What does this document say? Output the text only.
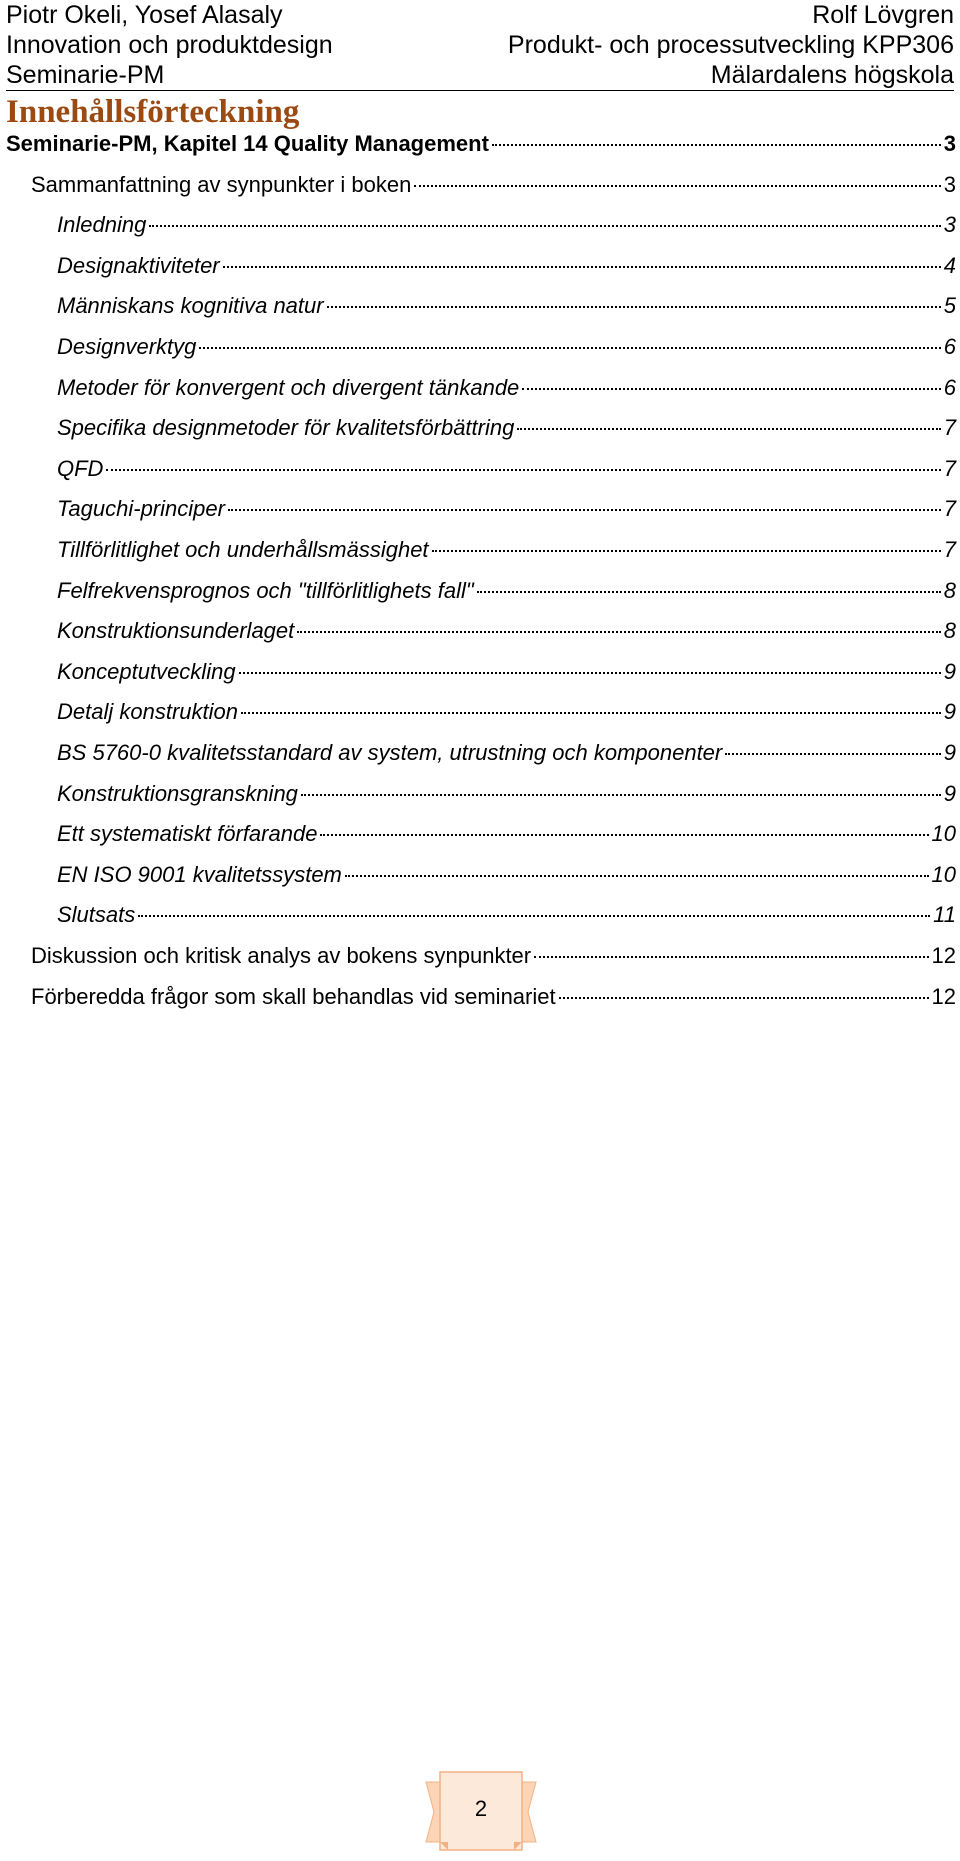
Piotr Okeli, Yosef Alasaly	Rolf Lövgren
Innovation och produktdesign	Produkt- och processutveckling KPP306
Seminarie-PM	Mälardalens högskola
Innehållsförteckning
Seminarie-PM, Kapitel 14 Quality Management	3
Sammanfattning av synpunkter i boken	3
Inledning	3
Designaktiviteter	4
Människans kognitiva natur	5
Designverktyg	6
Metoder för konvergent och divergent tänkande	6
Specifika designmetoder för kvalitetsförbättring	7
QFD	7
Taguchi-principer	7
Tillförlitlighet och underhållsmässighet	7
Felfrekvensprognos och "tillförlitlighets fall"	8
Konstruktionsunderlaget	8
Konceptutveckling	9
Detalj konstruktion	9
BS 5760-0 kvalitetsstandard av system, utrustning och komponenter	9
Konstruktionsgranskning	9
Ett systematiskt förfarande	10
EN ISO 9001 kvalitetssystem	10
Slutsats	11
Diskussion och kritisk analys av bokens synpunkter	12
Förberedda frågor som skall behandlas vid seminariet	12
2
